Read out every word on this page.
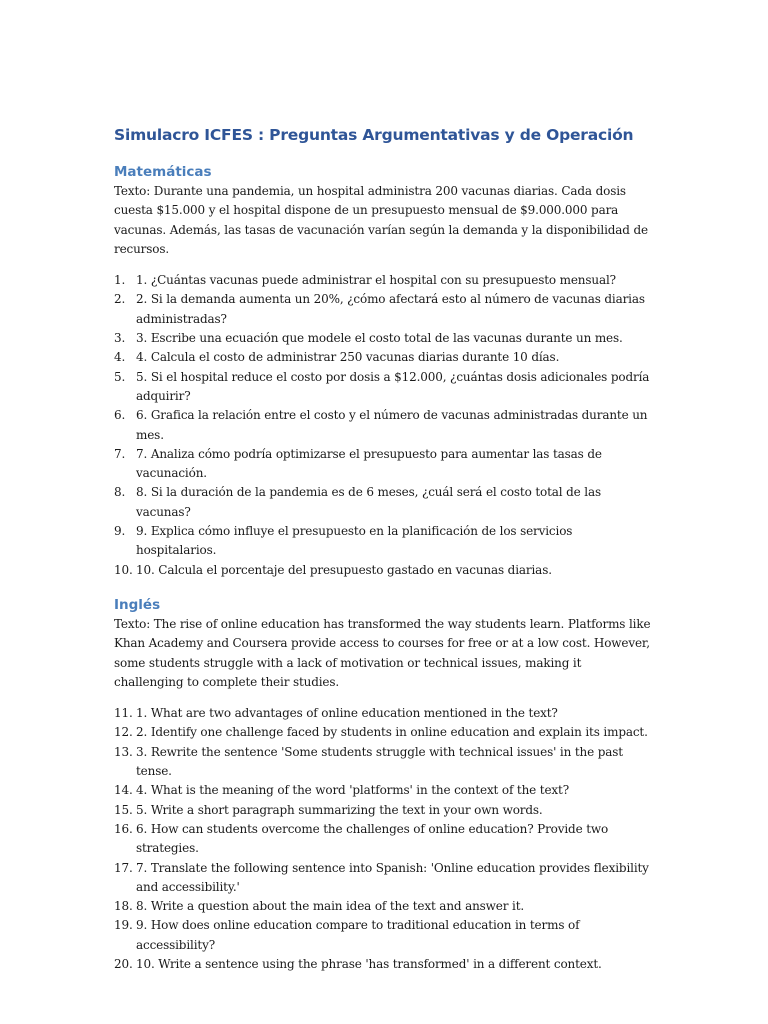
Simulacro ICFES : Preguntas Argumentativas y de Operación
Matemáticas

Texto: Durante una pandemia, un hospital administra 200 vacunas diarias. Cada dosis cuesta $15.000 y el hospital dispone de un presupuesto mensual de $9.000.000 para vacunas. Además, las tasas de vacunación varían según la demanda y la disponibilidad de recursos.

1. 1. ¿Cuántas vacunas puede administrar el hospital con su presupuesto mensual?
2. 2. Si la demanda aumenta un 20%, ¿cómo afectará esto al número de vacunas diarias administradas?
3. 3. Escribe una ecuación que modele el costo total de las vacunas durante un mes.
4. 4. Calcula el costo de administrar 250 vacunas diarias durante 10 días.
5. 5. Si el hospital reduce el costo por dosis a $12.000, ¿cuántas dosis adicionales podría adquirir?
6. 6. Grafica la relación entre el costo y el número de vacunas administradas durante un mes.
7. 7. Analiza cómo podría optimizarse el presupuesto para aumentar las tasas de vacunación.
8. 8. Si la duración de la pandemia es de 6 meses, ¿cuál será el costo total de las vacunas?
9. 9. Explica cómo influye el presupuesto en la planificación de los servicios hospitalarios.
10. 10. Calcula el porcentaje del presupuesto gastado en vacunas diarias.
Inglés

Texto: The rise of online education has transformed the way students learn. Platforms like Khan Academy and Coursera provide access to courses for free or at a low cost. However, some students struggle with a lack of motivation or technical issues, making it challenging to complete their studies.

11. 1. What are two advantages of online education mentioned in the text?
12. 2. Identify one challenge faced by students in online education and explain its impact.
13. 3. Rewrite the sentence 'Some students struggle with technical issues' in the past tense.
14. 4. What is the meaning of the word 'platforms' in the context of the text?
15. 5. Write a short paragraph summarizing the text in your own words.
16. 6. How can students overcome the challenges of online education? Provide two strategies.
17. 7. Translate the following sentence into Spanish: 'Online education provides flexibility and accessibility.'
18. 8. Write a question about the main idea of the text and answer it.
19. 9. How does online education compare to traditional education in terms of accessibility?
20. 10. Write a sentence using the phrase 'has transformed' in a different context.
